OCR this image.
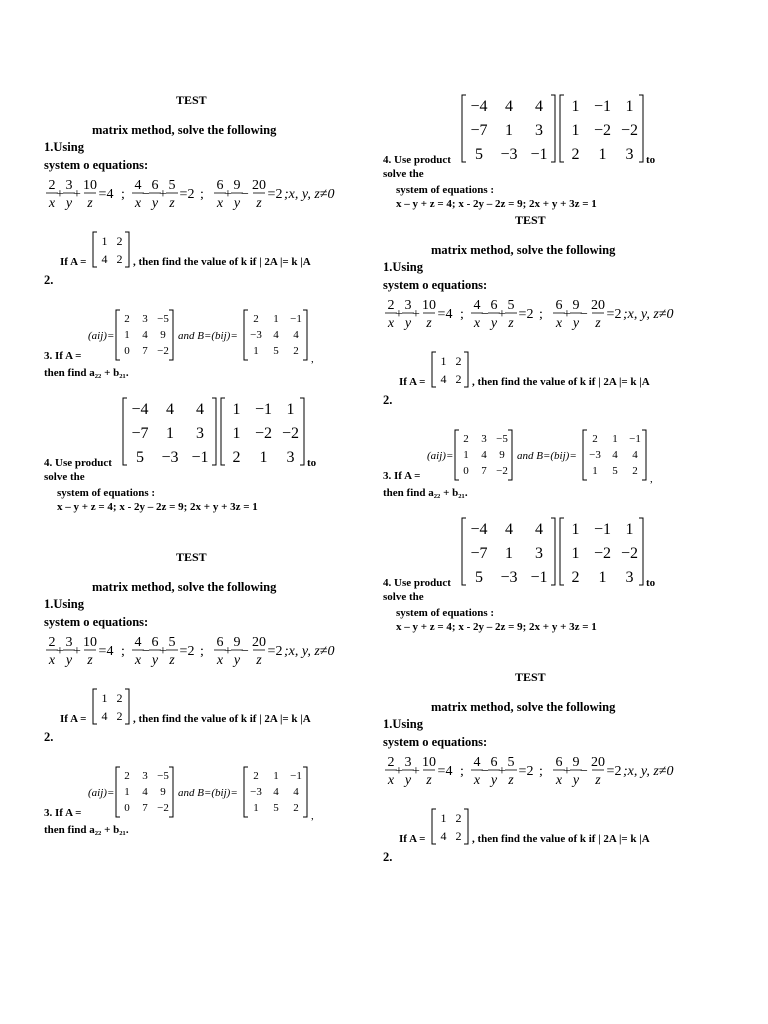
TEST
matrix method, solve the following
1.Using
system o equations:
2
x
+
3
y
+
10
z
=4 ;
4
x
−
6
y
+
5
z
=2 ;
6
x
+
9
y
−
20
z
=2 ;x, y, z≠0
If A =
1 2
4 2 , then find the value of k if | 2A |= k |A
2.
(aij)=
2 3 −5
1 4 9
0 7 −2
and B=(bij)=
2 1 −1
−3 4 4
1 5 2
,
3. If A =
then find a₂₂ + b₂₁.
−4 4 4
−7 1 3
5 −3 −1
1 −1 1
1 −2 −2
2 1 3
4. Use product	to
solve the
system of equations :
x – y + z = 4; x - 2y – 2z = 9; 2x + y + 3z = 1
TEST
matrix method, solve the following
1.Using
system o equations:
2
x
+
3
y
+
10
z
=4 ;
4
x
−
6
y
+
5
z
=2 ;
6
x
+
9
y
−
20
z
=2 ;x, y, z≠0
If A =
1 2
4 2 , then find the value of k if | 2A |= k |A
2.
(aij)=
2 3 −5
1 4 9
0 7 −2
and B=(bij)=
2 1 −1
−3 4 4
1 5 2
,
3. If A =
then find a₂₂ + b₂₁.
−4 4 4
−7 1 3
5 −3 −1
1 −1 1
1 −2 −2
2 1 3
4. Use product	to
solve the
system of equations :
x – y + z = 4; x - 2y – 2z = 9; 2x + y + 3z = 1
TEST
matrix method, solve the following
1.Using
system o equations:
2
x
+
3
y
+
10
z
=4 ;
4
x
−
6
y
+
5
z
=2 ;
6
x
+
9
y
−
20
z
=2 ;x, y, z≠0
If A =
1 2
4 2 , then find the value of k if | 2A |= k |A
2.
(aij)=
2 3 −5
1 4 9
0 7 −2
and B=(bij)=
2 1 −1
−3 4 4
1 5 2
,
3. If A =
then find a₂₂ + b₂₁.
−4 4 4
−7 1 3
5 −3 −1
1 −1 1
1 −2 −2
2 1 3
4. Use product	to
solve the
system of equations :
x – y + z = 4; x - 2y – 2z = 9; 2x + y + 3z = 1
TEST
matrix method, solve the following
1.Using
system o equations:
2
x
+
3
y
+
10
z
=4 ;
4
x
−
6
y
+
5
z
=2 ;
6
x
+
9
y
−
20
z
=2 ;x, y, z≠0
If A =
1 2
4 2 , then find the value of k if | 2A |= k |A
2.
